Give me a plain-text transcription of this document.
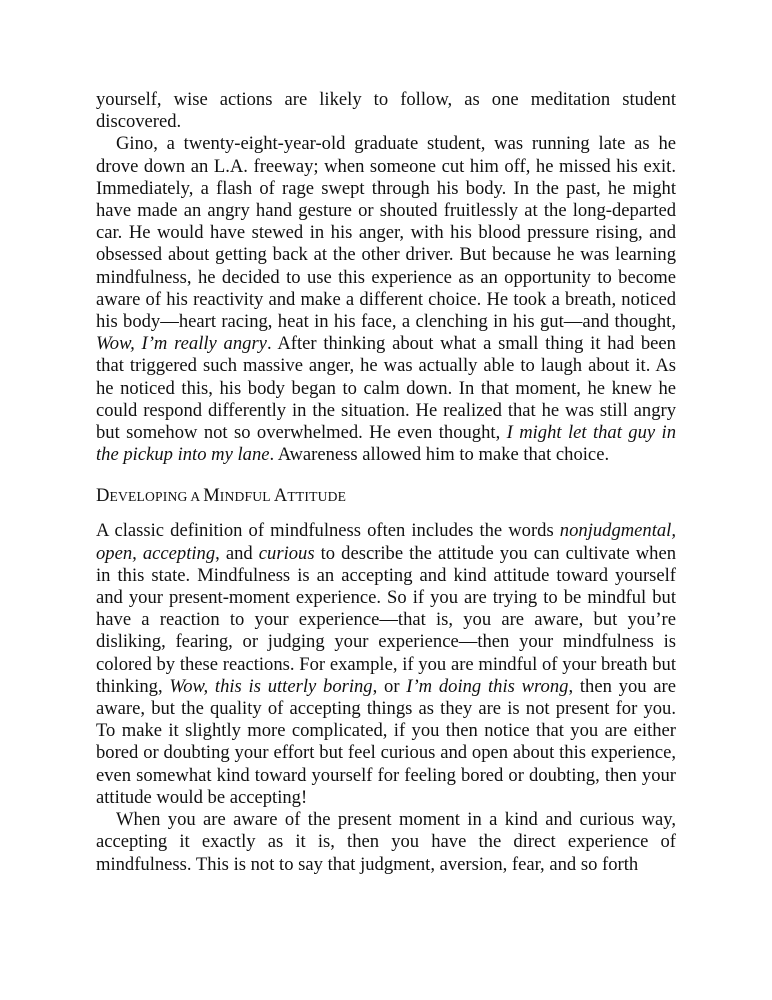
yourself, wise actions are likely to follow, as one meditation student discovered.

Gino, a twenty-eight-year-old graduate student, was running late as he drove down an L.A. freeway; when someone cut him off, he missed his exit. Immediately, a flash of rage swept through his body. In the past, he might have made an angry hand gesture or shouted fruitlessly at the long-departed car. He would have stewed in his anger, with his blood pressure rising, and obsessed about getting back at the other driver. But because he was learning mindfulness, he decided to use this experience as an opportunity to become aware of his reactivity and make a different choice. He took a breath, noticed his body—heart racing, heat in his face, a clenching in his gut—and thought, Wow, I’m really angry. After thinking about what a small thing it had been that triggered such massive anger, he was actually able to laugh about it. As he noticed this, his body began to calm down. In that moment, he knew he could respond differently in the situation. He realized that he was still angry but somehow not so overwhelmed. He even thought, I might let that guy in the pickup into my lane. Awareness allowed him to make that choice.

DEVELOPING A MINDFUL ATTITUDE

A classic definition of mindfulness often includes the words nonjudgmental, open, accepting, and curious to describe the attitude you can cultivate when in this state. Mindfulness is an accepting and kind attitude toward yourself and your present-moment experience. So if you are trying to be mindful but have a reaction to your experience—that is, you are aware, but you’re disliking, fearing, or judging your experience—then your mindfulness is colored by these reactions. For example, if you are mindful of your breath but thinking, Wow, this is utterly boring, or I’m doing this wrong, then you are aware, but the quality of accepting things as they are is not present for you. To make it slightly more complicated, if you then notice that you are either bored or doubting your effort but feel curious and open about this experience, even somewhat kind toward yourself for feeling bored or doubting, then your attitude would be accepting!

When you are aware of the present moment in a kind and curious way, accepting it exactly as it is, then you have the direct experience of mindfulness. This is not to say that judgment, aversion, fear, and so forth
